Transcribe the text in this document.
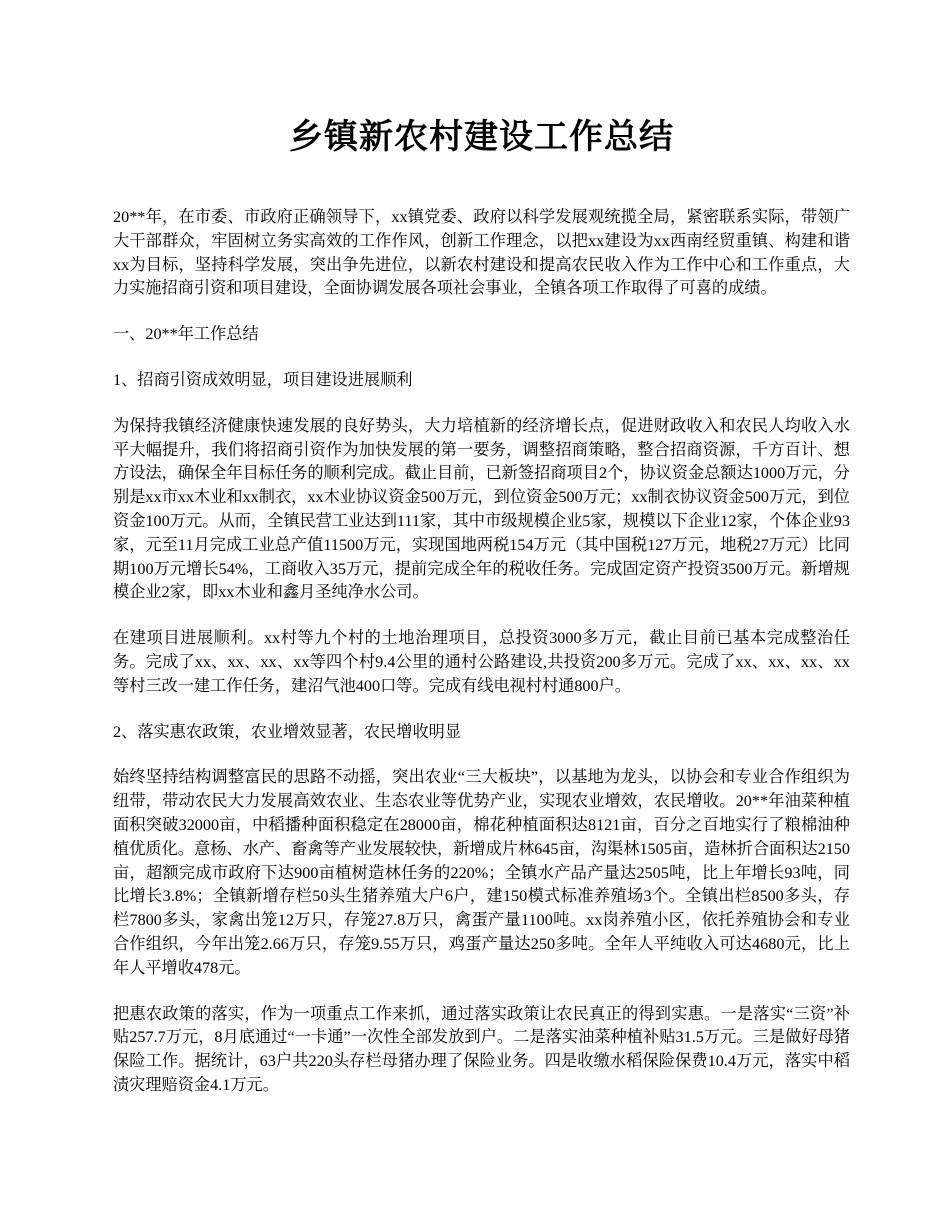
乡镇新农村建设工作总结

20**年，在市委、市政府正确领导下，xx镇党委、政府以科学发展观统揽全局，紧密联系实际，带领广大干部群众，牢固树立务实高效的工作作风，创新工作理念，以把xx建设为xx西南经贸重镇、构建和谐xx为目标，坚持科学发展，突出争先进位，以新农村建设和提高农民收入作为工作中心和工作重点，大力实施招商引资和项目建设，全面协调发展各项社会事业，全镇各项工作取得了可喜的成绩。

一、20**年工作总结

1、招商引资成效明显，项目建设进展顺利

为保持我镇经济健康快速发展的良好势头，大力培植新的经济增长点，促进财政收入和农民人均收入水平大幅提升，我们将招商引资作为加快发展的第一要务，调整招商策略，整合招商资源，千方百计、想方设法，确保全年目标任务的顺利完成。截止目前，已新签招商项目2个，协议资金总额达1000万元，分别是xx市xx木业和xx制衣，xx木业协议资金500万元，到位资金500万元；xx制衣协议资金500万元，到位资金100万元。从而，全镇民营工业达到111家，其中市级规模企业5家，规模以下企业12家，个体企业93家，元至11月完成工业总产值11500万元，实现国地两税154万元（其中国税127万元，地税27万元）比同期100万元增长54%，工商收入35万元，提前完成全年的税收任务。完成固定资产投资3500万元。新增规模企业2家，即xx木业和鑫月圣纯净水公司。

在建项目进展顺利。xx村等九个村的土地治理项目，总投资3000多万元，截止目前已基本完成整治任务。完成了xx、xx、xx、xx等四个村9.4公里的通村公路建设,共投资200多万元。完成了xx、xx、xx、xx等村三改一建工作任务，建沼气池400口等。完成有线电视村村通800户。

2、落实惠农政策，农业增效显著，农民增收明显

始终坚持结构调整富民的思路不动摇，突出农业“三大板块”，以基地为龙头，以协会和专业合作组织为纽带，带动农民大力发展高效农业、生态农业等优势产业，实现农业增效，农民增收。20**年油菜种植面积突破32000亩，中稻播种面积稳定在28000亩，棉花种植面积达8121亩，百分之百地实行了粮棉油种植优质化。意杨、水产、畜禽等产业发展较快，新增成片林645亩，沟渠林1505亩，造林折合面积达2150亩，超额完成市政府下达900亩植树造林任务的220%；全镇水产品产量达2505吨，比上年增长93吨，同比增长3.8%；全镇新增存栏50头生猪养殖大户6户，建150模式标准养殖场3个。全镇出栏8500多头，存栏7800多头，家禽出笼12万只，存笼27.8万只，禽蛋产量1100吨。xx岗养殖小区，依托养殖协会和专业合作组织，今年出笼2.66万只，存笼9.55万只，鸡蛋产量达250多吨。全年人平纯收入可达4680元，比上年人平增收478元。

把惠农政策的落实，作为一项重点工作来抓，通过落实政策让农民真正的得到实惠。一是落实“三资”补贴257.7万元，8月底通过“一卡通”一次性全部发放到户。二是落实油菜种植补贴31.5万元。三是做好母猪保险工作。据统计，63户共220头存栏母猪办理了保险业务。四是收缴水稻保险保费10.4万元，落实中稻渍灾理赔资金4.1万元。
